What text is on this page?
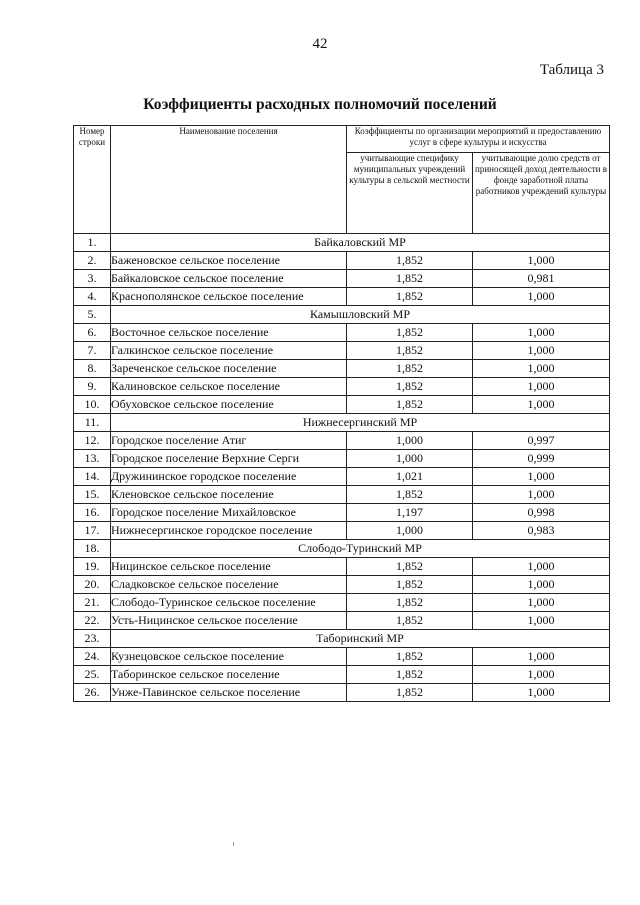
42
Таблица 3
Коэффициенты расходных полномочий поселений
Номер строки	Наименование поселения	Коэффициенты по организации мероприятий и предоставлению услуг в сфере культуры и искусства	
		учитывающие специфику муниципальных учреждений культуры в сельской местности	учитывающие долю средств от приносящей доход деятельности в фонде заработной платы работников учреждений культуры
1.	Байкаловский МР		
2.	Баженовское сельское поселение	1,852	1,000
3.	Байкаловское сельское поселение	1,852	0,981
4.	Краснополянское сельское поселение	1,852	1,000
5.	Камышловский МР		
6.	Восточное сельское поселение	1,852	1,000
7.	Галкинское сельское поселение	1,852	1,000
8.	Зареченское сельское поселение	1,852	1,000
9.	Калиновское сельское поселение	1,852	1,000
10.	Обуховское сельское поселение	1,852	1,000
11.	Нижнесергинский МР		
12.	Городское поселение Атиг	1,000	0,997
13.	Городское поселение Верхние Серги	1,000	0,999
14.	Дружининское городское поселение	1,021	1,000
15.	Кленовское сельское поселение	1,852	1,000
16.	Городское поселение Михайловское	1,197	0,998
17.	Нижнесергинское городское поселение	1,000	0,983
18.	Слободо-Туринский МР		
19.	Ницинское сельское поселение	1,852	1,000
20.	Сладковское сельское поселение	1,852	1,000
21.	Слободо-Туринское сельское поселение	1,852	1,000
22.	Усть-Ницинское сельское поселение	1,852	1,000
23.	Таборинский МР		
24.	Кузнецовское сельское поселение	1,852	1,000
25.	Таборинское сельское поселение	1,852	1,000
26.	Унже-Павинское сельское поселение	1,852	1,000
